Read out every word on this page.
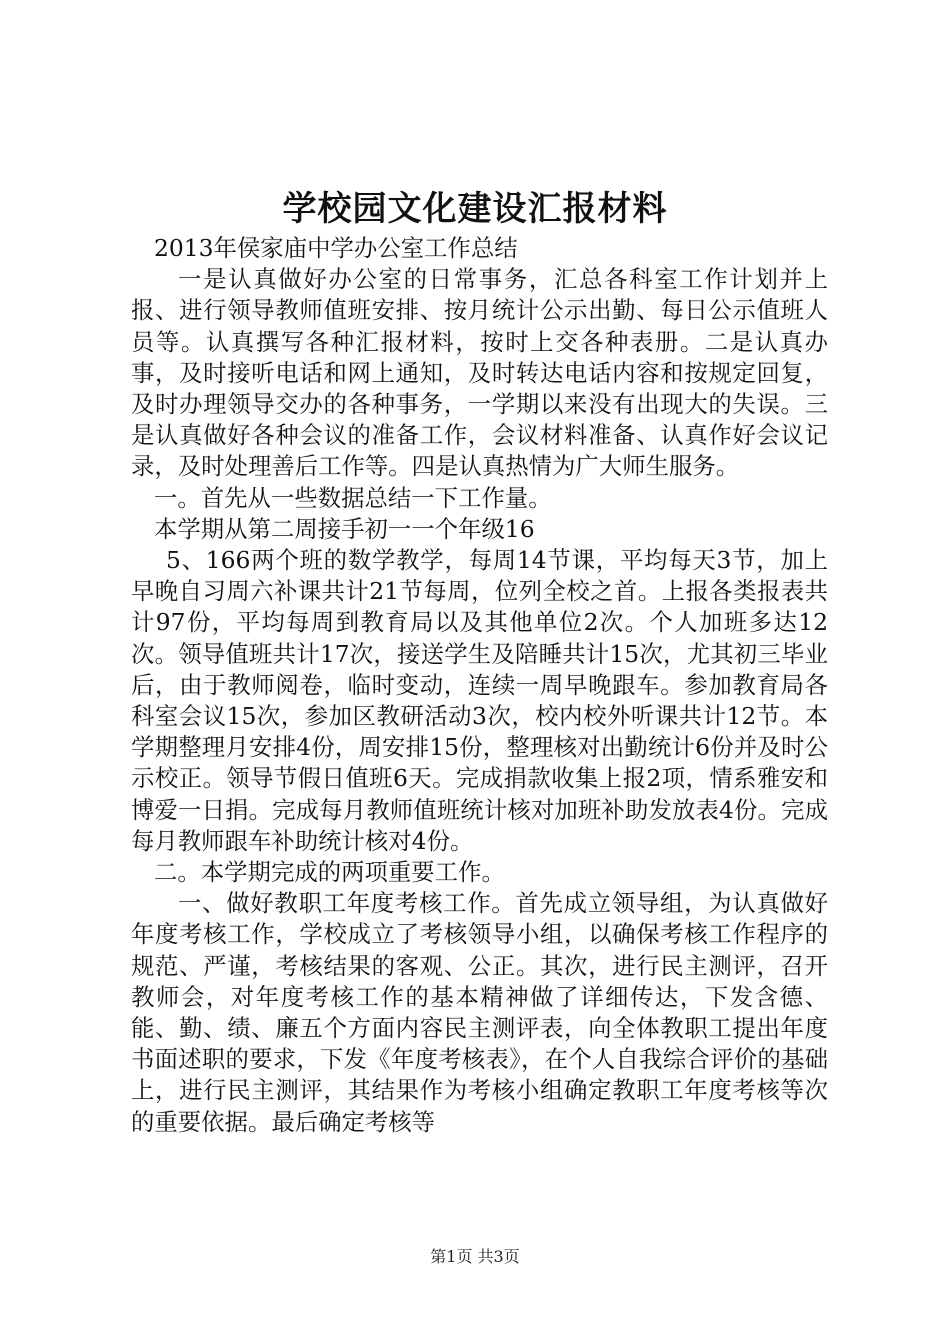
学校园文化建设汇报材料

2013年侯家庙中学办公室工作总结

一是认真做好办公室的日常事务，汇总各科室工作计划并上报、进行领导教师值班安排、按月统计公示出勤、每日公示值班人员等。认真撰写各种汇报材料，按时上交各种表册。二是认真办事，及时接听电话和网上通知，及时转达电话内容和按规定回复，及时办理领导交办的各种事务，一学期以来没有出现大的失误。三是认真做好各种会议的准备工作，会议材料准备、认真作好会议记录，及时处理善后工作等。四是认真热情为广大师生服务。

一。首先从一些数据总结一下工作量。

本学期从第二周接手初一一个年级16

5、166两个班的数学教学，每周14节课，平均每天3节，加上早晚自习周六补课共计21节每周，位列全校之首。上报各类报表共计97份，平均每周到教育局以及其他单位2次。个人加班多达12次。领导值班共计17次，接送学生及陪睡共计15次，尤其初三毕业后，由于教师阅卷，临时变动，连续一周早晚跟车。参加教育局各科室会议15次，参加区教研活动3次，校内校外听课共计12节。本学期整理月安排4份，周安排15份，整理核对出勤统计6份并及时公示校正。领导节假日值班6天。完成捐款收集上报2项，情系雅安和博爱一日捐。完成每月教师值班统计核对加班补助发放表4份。完成每月教师跟车补助统计核对4份。

二。本学期完成的两项重要工作。

一、做好教职工年度考核工作。首先成立领导组，为认真做好年度考核工作，学校成立了考核领导小组，以确保考核工作程序的规范、严谨，考核结果的客观、公正。其次，进行民主测评，召开教师会，对年度考核工作的基本精神做了详细传达，下发含德、能、勤、绩、廉五个方面内容民主测评表，向全体教职工提出年度书面述职的要求，下发《年度考核表》，在个人自我综合评价的基础上，进行民主测评，其结果作为考核小组确定教职工年度考核等次的重要依据。最后确定考核等

第1页 共3页
